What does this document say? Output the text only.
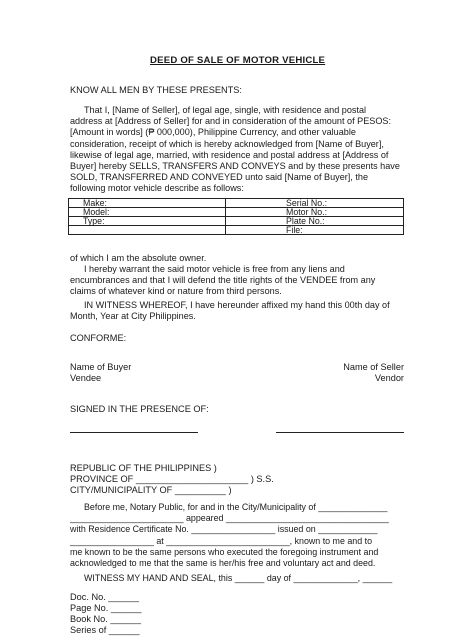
DEED OF SALE OF MOTOR VEHICLE
KNOW ALL MEN BY THESE PRESENTS:
That I, [Name of Seller], of legal age, single, with residence and postal
address at [Address of Seller] for and in consideration of the amount of PESOS:
[Amount in words] (₱ 000,000), Philippine Currency, and other valuable
consideration, receipt of which is hereby acknowledged from [Name of Buyer],
likewise of legal age, married, with residence and postal address at [Address of
Buyer] hereby SELLS, TRANSFERS AND CONVEYS and by these presents have
SOLD, TRANSFERRED AND CONVEYED unto said [Name of Buyer], the
following motor vehicle describe as follows:
Make:	Serial No.:
Model:	Motor No.:
Type:	Plate No.:
	File:
of which I am the absolute owner.
I hereby warrant the said motor vehicle is free from any liens and
encumbrances and that I will defend the title rights of the VENDEE from any
claims of whatever kind or nature from third persons.
IN WITNESS WHEREOF, I have hereunder affixed my hand this 00th day of
Month, Year at City Philippines.
CONFORME:
Name of Buyer
Vendee
Name of Seller
Vendor
SIGNED IN THE PRESENCE OF:
REPUBLIC OF THE PHILIPPINES )
PROVINCE OF ______________________ ) S.S.
CITY/MUNICIPALITY OF __________ )
Before me, Notary Public, for and in the City/Municipality of ______________
_______________________ appeared _________________________________
with Residence Certificate No. _________________ issued on ____________
_________________ at _________________________, known to me and to
me known to be the same persons who executed the foregoing instrument and
acknowledged to me that the same is her/his free and voluntary act and deed.
WITNESS MY HAND AND SEAL, this ______ day of _____________, ______
Doc. No. ______
Page No. ______
Book No. ______
Series of ______
